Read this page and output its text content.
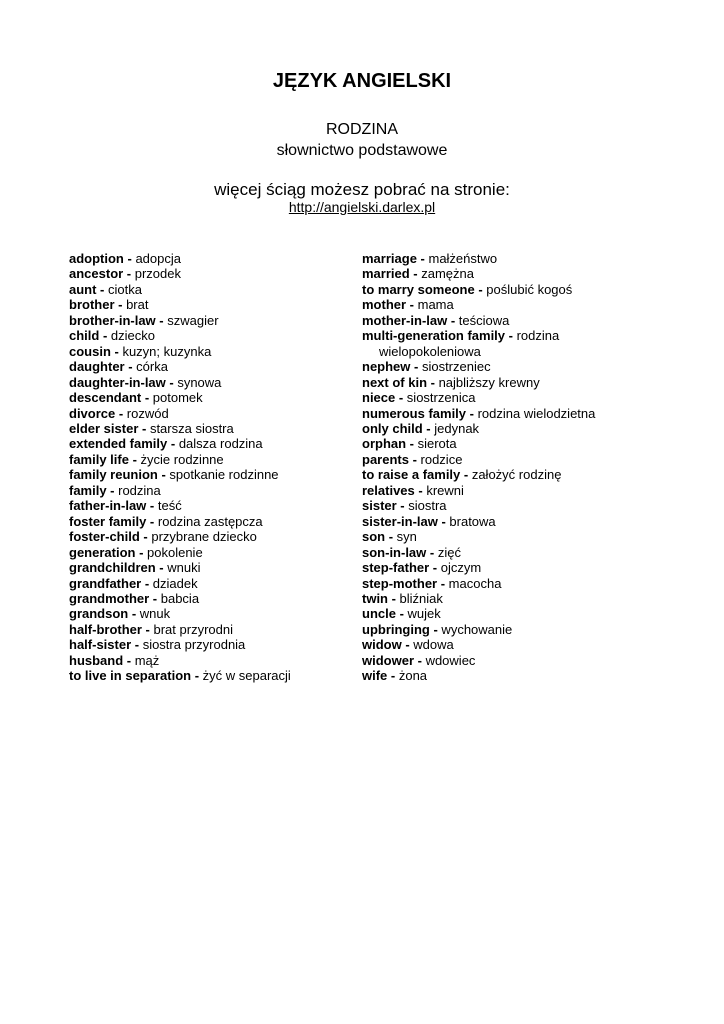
JĘZYK ANGIELSKI

RODZINA

słownictwo podstawowe

więcej ściąg możesz pobrać na stronie:

http://angielski.darlex.pl
adoption - adopcja
ancestor - przodek
aunt - ciotka
brother - brat
brother-in-law - szwagier
child - dziecko
cousin - kuzyn; kuzynka
daughter - córka
daughter-in-law - synowa
descendant - potomek
divorce - rozwód
elder sister - starsza siostra
extended family - dalsza rodzina
family life - życie rodzinne
family reunion - spotkanie rodzinne
family - rodzina
father-in-law - teść
foster family - rodzina zastępcza
foster-child - przybrane dziecko
generation - pokolenie
grandchildren - wnuki
grandfather - dziadek
grandmother - babcia
grandson - wnuk
half-brother - brat przyrodni
half-sister - siostra przyrodnia
husband - mąż
to live in separation - żyć w separacji
marriage - małżeństwo
married - zamężna
to marry someone - poślubić kogoś
mother - mama
mother-in-law - teściowa
multi-generation family - rodzina
wielopokoleniowa
nephew - siostrzeniec
next of kin - najbliższy krewny
niece - siostrzenica
numerous family - rodzina wielodzietna
only child - jedynak
orphan - sierota
parents - rodzice
to raise a family - założyć rodzinę
relatives - krewni
sister - siostra
sister-in-law - bratowa
son - syn
son-in-law - zięć
step-father - ojczym
step-mother - macocha
twin - bliźniak
uncle - wujek
upbringing - wychowanie
widow - wdowa
widower - wdowiec
wife - żona
